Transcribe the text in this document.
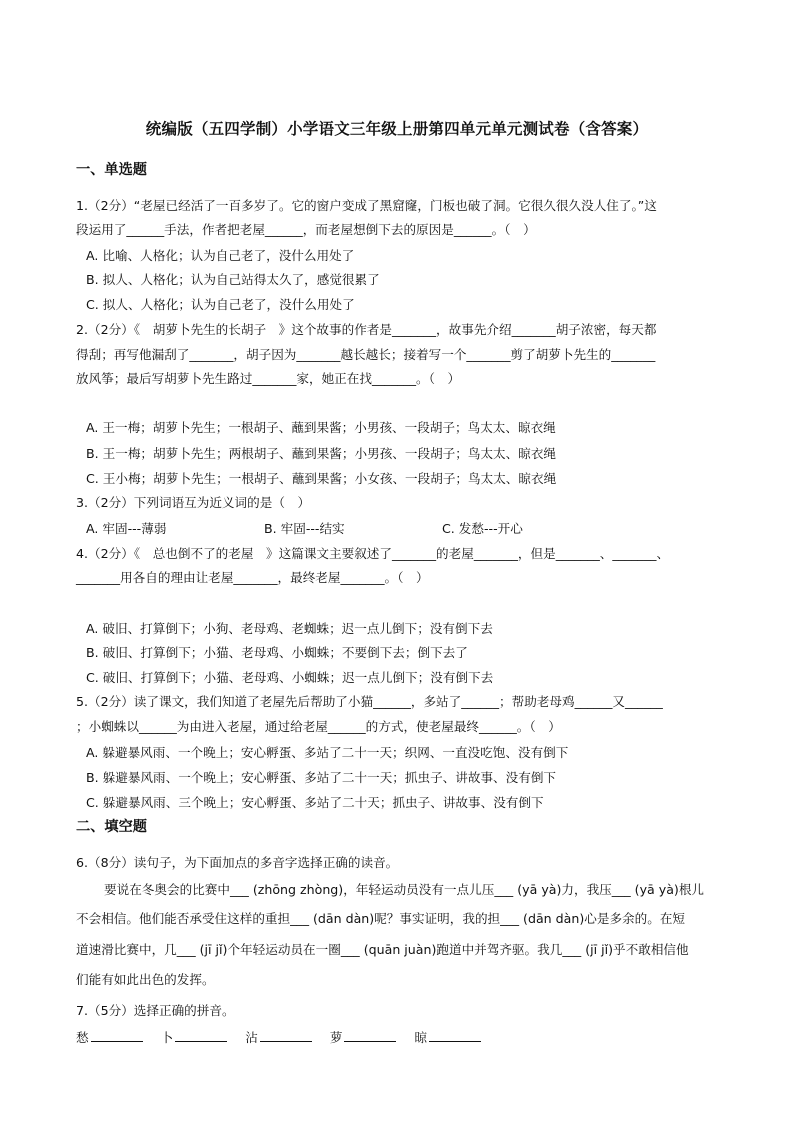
统编版（五四学制）小学语文三年级上册第四单元单元测试卷（含答案）
一、单选题
1.（2分）“老屋已经活了一百多岁了。它的窗户变成了黑窟窿，门板也破了洞。它很久很久没人住了。”这
段运用了______手法，作者把老屋______，而老屋想倒下去的原因是______。（　）
A. 比喻、人格化；认为自己老了，没什么用处了
B. 拟人、人格化；认为自己站得太久了，感觉很累了
C. 拟人、人格化；认为自己老了，没什么用处了
2.（2分）《　胡萝卜先生的长胡子　》这个故事的作者是_______，故事先介绍_______胡子浓密，每天都
得刮；再写他漏刮了_______，胡子因为_______越长越长；接着写一个_______剪了胡萝卜先生的_______
放风筝；最后写胡萝卜先生路过_______家，她正在找_______。（　）
A. 王一梅；胡萝卜先生；一根胡子、蘸到果酱；小男孩、一段胡子；鸟太太、晾衣绳
B. 王一梅；胡萝卜先生；两根胡子、蘸到果酱；小男孩、一段胡子；鸟太太、晾衣绳
C. 王小梅；胡萝卜先生；一根胡子、蘸到果酱；小女孩、一段胡子；鸟太太、晾衣绳
3.（2分）下列词语互为近义词的是（　）
A. 牢固---薄弱	B. 牢固---结实	C. 发愁---开心
4.（2分）《　总也倒不了的老屋　》这篇课文主要叙述了_______的老屋_______，但是_______、_______、
_______用各自的理由让老屋_______，最终老屋_______。（　）
A. 破旧、打算倒下；小狗、老母鸡、老蜘蛛；迟一点儿倒下；没有倒下去
B. 破旧、打算倒下；小猫、老母鸡、小蜘蛛；不要倒下去；倒下去了
C. 破旧、打算倒下；小猫、老母鸡、小蜘蛛；迟一点儿倒下；没有倒下去
5.（2分）读了课文，我们知道了老屋先后帮助了小猫______，多站了______；帮助老母鸡______又______
；小蜘蛛以______为由进入老屋，通过给老屋______的方式，使老屋最终______。（　）
A. 躲避暴风雨、一个晚上；安心孵蛋、多站了二十一天；织网、一直没吃饱、没有倒下
B. 躲避暴风雨、一个晚上；安心孵蛋、多站了二十一天；抓虫子、讲故事、没有倒下
C. 躲避暴风雨、三个晚上；安心孵蛋、多站了二十天；抓虫子、讲故事、没有倒下
二、填空题
6.（8分）读句子，为下面加点的多音字选择正确的读音。
要说在冬奥会的比赛中___ (zhōng zhòng)，年轻运动员没有一点儿压___ (yā yà)力，我压___ (yā yà)根儿
不会相信。他们能否承受住这样的重担___ (dān dàn)呢？事实证明，我的担___ (dān dàn)心是多余的。在短
道速滑比赛中，几___ (jī jǐ)个年轻运动员在一圈___ (quān juàn)跑道中并驾齐驱。我几___ (jī jǐ)乎不敢相信他
们能有如此出色的发挥。
7.（5分）选择正确的拼音。
愁	卜	沾	萝	晾
